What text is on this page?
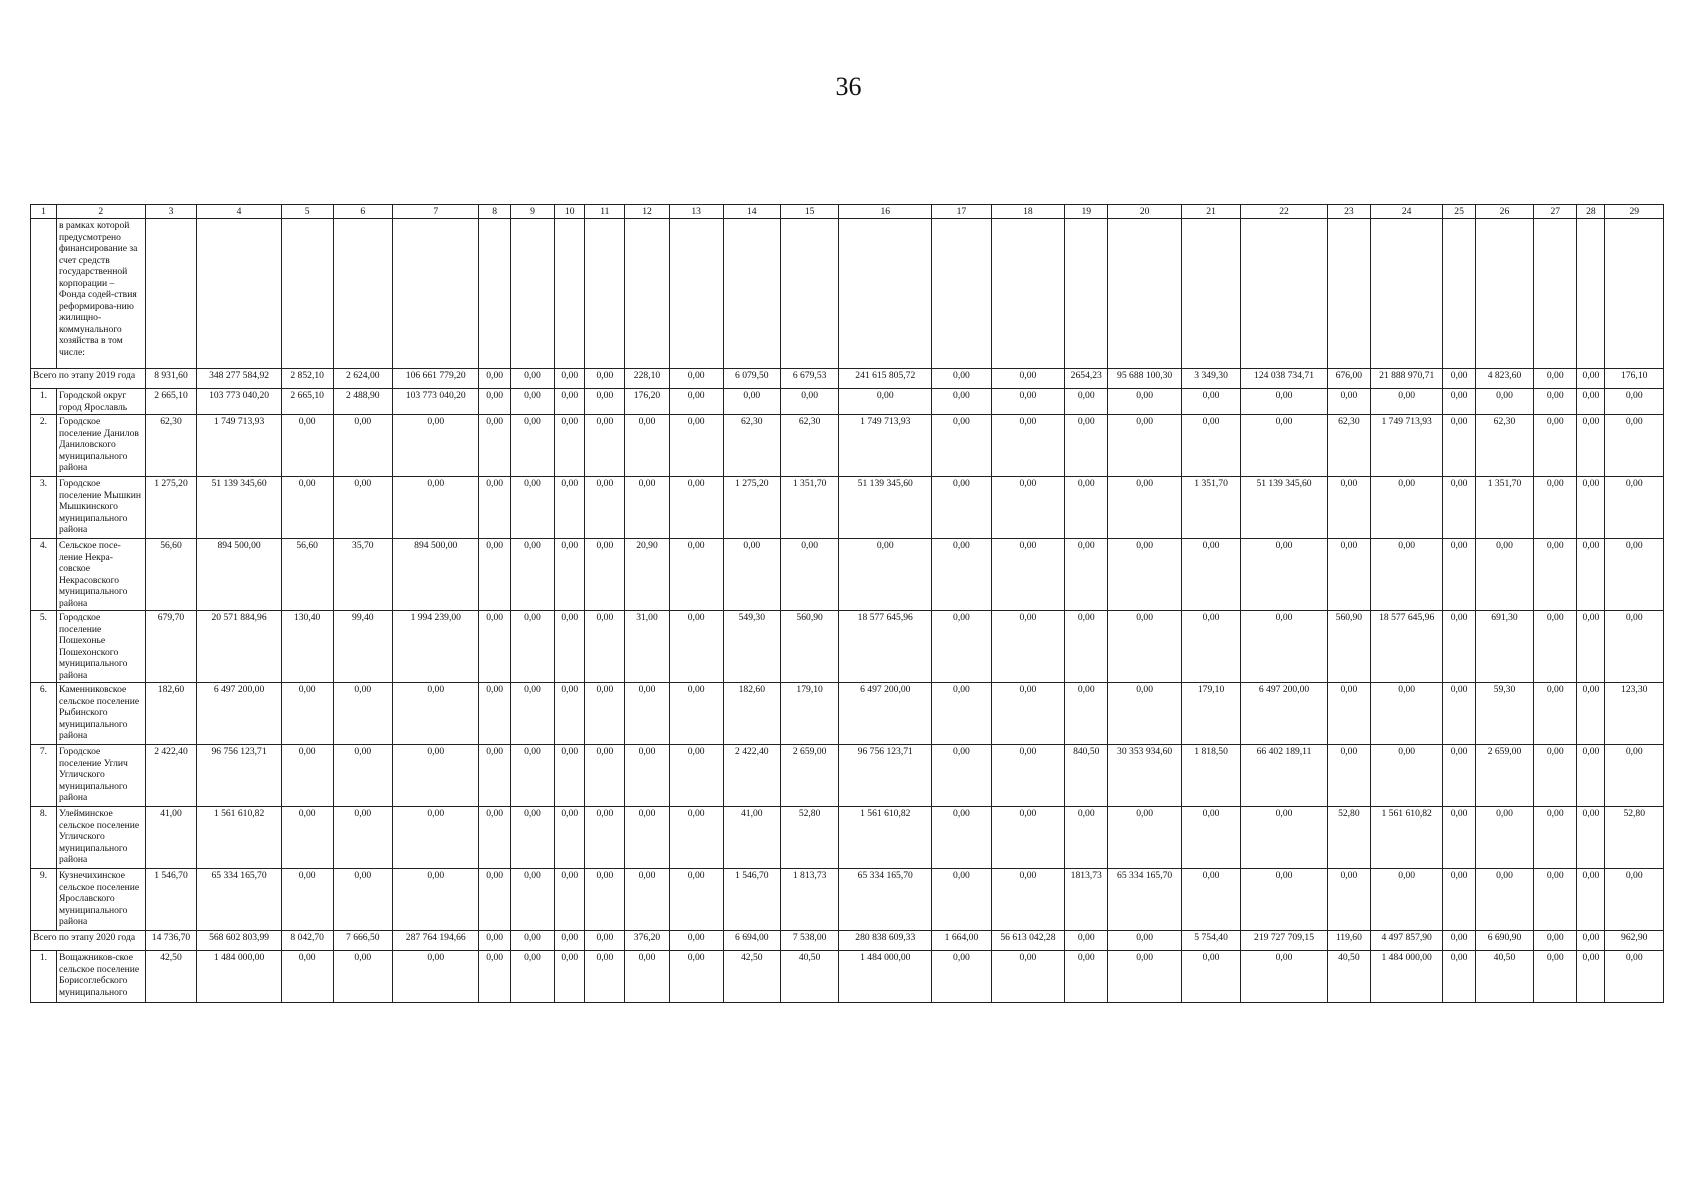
36
1	2	3	4	5	6	7	8	9	10	11	12	13	14	15	16	17	18	19	20	21	22	23	24	25	26	27	28	29
	в рамках которой предусмотрено финансирование за счет средств государственной корпорации – Фонда содей-ствия реформирова-нию жилищно-коммунального хозяйства в том числе:																											
Всего по этапу 2019 года		8 931,60	348 277 584,92	2 852,10	2 624,00	106 661 779,20	0,00	0,00	0,00	0,00	228,10	0,00	6 079,50	6 679,53	241 615 805,72	0,00	0,00	2654,23	95 688 100,30	3 349,30	124 038 734,71	676,00	21 888 970,71	0,00	4 823,60	0,00	0,00	176,10
1.	Городской округ город Ярославль	2 665,10	103 773 040,20	2 665,10	2 488,90	103 773 040,20	0,00	0,00	0,00	0,00	176,20	0,00	0,00	0,00	0,00	0,00	0,00	0,00	0,00	0,00	0,00	0,00	0,00	0,00	0,00	0,00	0,00	0,00
2.	Городское поселение Данилов Даниловского муниципального района	62,30	1 749 713,93	0,00	0,00	0,00	0,00	0,00	0,00	0,00	0,00	0,00	62,30	62,30	1 749 713,93	0,00	0,00	0,00	0,00	0,00	0,00	62,30	1 749 713,93	0,00	62,30	0,00	0,00	0,00
3.	Городское поселение Мышкин Мышкинского муниципального района	1 275,20	51 139 345,60	0,00	0,00	0,00	0,00	0,00	0,00	0,00	0,00	0,00	1 275,20	1 351,70	51 139 345,60	0,00	0,00	0,00	0,00	1 351,70	51 139 345,60	0,00	0,00	0,00	1 351,70	0,00	0,00	0,00
4.	Сельское посе-ление Некра-совское Некрасовского муниципального района	56,60	894 500,00	56,60	35,70	894 500,00	0,00	0,00	0,00	0,00	20,90	0,00	0,00	0,00	0,00	0,00	0,00	0,00	0,00	0,00	0,00	0,00	0,00	0,00	0,00	0,00	0,00	0,00
5.	Городское поселение Пошехонье Пошехонского муниципального района	679,70	20 571 884,96	130,40	99,40	1 994 239,00	0,00	0,00	0,00	0,00	31,00	0,00	549,30	560,90	18 577 645,96	0,00	0,00	0,00	0,00	0,00	0,00	560,90	18 577 645,96	0,00	691,30	0,00	0,00	0,00
6.	Каменниковское сельское поселение Рыбинского муниципального района	182,60	6 497 200,00	0,00	0,00	0,00	0,00	0,00	0,00	0,00	0,00	0,00	182,60	179,10	6 497 200,00	0,00	0,00	0,00	0,00	179,10	6 497 200,00	0,00	0,00	0,00	59,30	0,00	0,00	123,30
7.	Городское поселение Углич Угличского муниципального района	2 422,40	96 756 123,71	0,00	0,00	0,00	0,00	0,00	0,00	0,00	0,00	0,00	2 422,40	2 659,00	96 756 123,71	0,00	0,00	840,50	30 353 934,60	1 818,50	66 402 189,11	0,00	0,00	0,00	2 659,00	0,00	0,00	0,00
8.	Улейминское сельское поселение Угличского муниципального района	41,00	1 561 610,82	0,00	0,00	0,00	0,00	0,00	0,00	0,00	0,00	0,00	41,00	52,80	1 561 610,82	0,00	0,00	0,00	0,00	0,00	0,00	52,80	1 561 610,82	0,00	0,00	0,00	0,00	52,80
9.	Кузнечихинское сельское поселение Ярославского муниципального района	1 546,70	65 334 165,70	0,00	0,00	0,00	0,00	0,00	0,00	0,00	0,00	0,00	1 546,70	1 813,73	65 334 165,70	0,00	0,00	1813,73	65 334 165,70	0,00	0,00	0,00	0,00	0,00	0,00	0,00	0,00	0,00
Всего по этапу 2020 года		14 736,70	568 602 803,99	8 042,70	7 666,50	287 764 194,66	0,00	0,00	0,00	0,00	376,20	0,00	6 694,00	7 538,00	280 838 609,33	1 664,00	56 613 042,28	0,00	0,00	5 754,40	219 727 709,15	119,60	4 497 857,90	0,00	6 690,90	0,00	0,00	962,90
1.	Вощажников-ское сельское поселение Борисоглебского муниципального	42,50	1 484 000,00	0,00	0,00	0,00	0,00	0,00	0,00	0,00	0,00	0,00	42,50	40,50	1 484 000,00	0,00	0,00	0,00	0,00	0,00	0,00	40,50	1 484 000,00	0,00	40,50	0,00	0,00	0,00
